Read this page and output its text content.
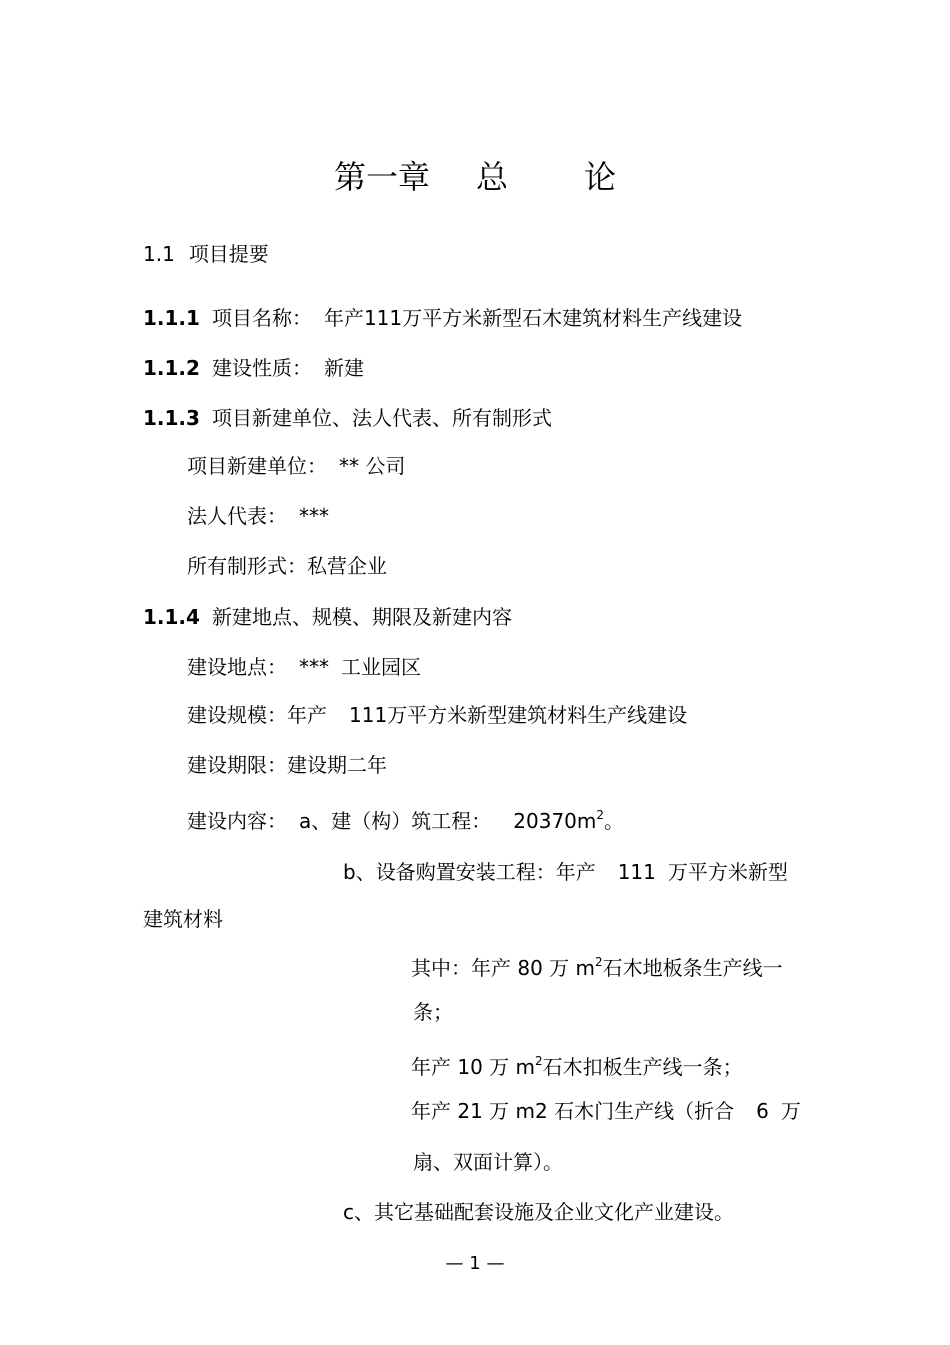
第一章 总 论
1.1 项目提要
1.1.1 项目名称： 年产111万平方米新型石木建筑材料生产线建设
1.1.2 建设性质： 新建
1.1.3 项目新建单位、法人代表、所有制形式
项目新建单位： ** 公司
法人代表： ***
所有制形式：私营企业
1.1.4 新建地点、规模、期限及新建内容
建设地点： *** 工业园区
建设规模：年产 111万平方米新型建筑材料生产线建设
建设期限：建设期二年
建设内容： a、建（构）筑工程： $20370m^2$。
b、设备购置安装工程：年产 111 万平方米新型
建筑材料
其中：年产 80 万 $m^2$石木地板条生产线一
条；
年产 10 万 $m^2$石木扣板生产线一条；
年产 21 万 m2 石木门生产线（折合 6 万
扇、双面计算）。
c、其它基础配套设施及企业文化产业建设。
— 1 —
